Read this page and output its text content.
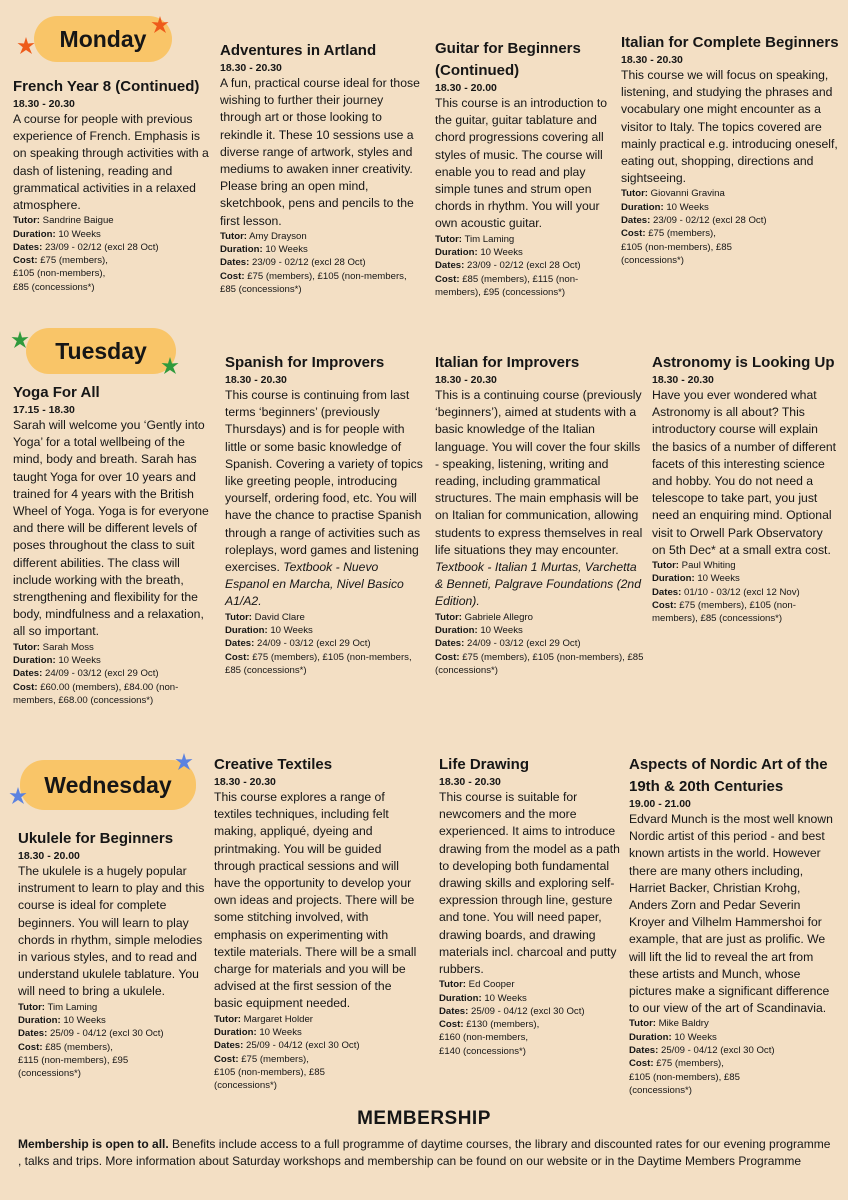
Monday
Tuesday
Wednesday
French Year 8 (Continued)

18.30 - 20.30

A course for people with previous experience of French. Emphasis is on speaking through activities with a dash of listening, reading and grammatical activities in a relaxed atmosphere.

Tutor: Sandrine Baigue

Duration: 10 Weeks

Dates: 23/09 - 02/12 (excl 28 Oct)

Cost: £75 (members), £105 (non-members), £85 (concessions*)

Adventures in Artland

18.30 - 20.30

A fun, practical course ideal for those wishing to further their journey through art or those looking to rekindle it. These 10 sessions use a diverse range of artwork, styles and mediums to awaken inner creativity. Please bring an open mind, sketchbook, pens and pencils to the first lesson.

Tutor: Amy Drayson

Duration: 10 Weeks

Dates: 23/09 - 02/12 (excl 28 Oct)

Cost: £75 (members), £105 (non-members, £85 (concessions*)

Guitar for Beginners (Continued)

18.30 - 20.00

This course is an introduction to the guitar, guitar tablature and chord progressions covering all styles of music. The course will enable you to read and play simple tunes and strum open chords in rhythm. You will your own acoustic guitar.

Tutor: Tim Laming

Duration: 10 Weeks

Dates: 23/09 - 02/12 (excl 28 Oct)

Cost: £85 (members), £115 (non-members), £95 (concessions*)

Italian for Complete Beginners

18.30 - 20.30

This course we will focus on speaking, listening, and studying the phrases and vocabulary one might encounter as a visitor to Italy. The topics covered are mainly practical e.g. introducing oneself, eating out, shopping, directions and sightseeing.

Tutor: Giovanni Gravina

Duration: 10 Weeks

Dates: 23/09 - 02/12 (excl 28 Oct)

Cost: £75 (members), £105 (non-members), £85 (concessions*)

Yoga For All

17.15 - 18.30

Sarah will welcome you ‘Gently into Yoga’ for a total wellbeing of the mind, body and breath. Sarah has taught Yoga for over 10 years and trained for 4 years with the British Wheel of Yoga. Yoga is for everyone and there will be different levels of poses throughout the class to suit different abilities. The class will include working with the breath, strengthening and flexibility for the body, mindfulness and a relaxation, all so important.

Tutor: Sarah Moss

Duration: 10 Weeks

Dates: 24/09 - 03/12 (excl 29 Oct)

Cost: £60.00 (members), £84.00 (non-members, £68.00 (concessions*)

Spanish for Improvers

18.30 - 20.30

This course is continuing from last terms ‘beginners’ (previously Thursdays) and is for people with little or some basic knowledge of Spanish. Covering a variety of topics like greeting people, introducing yourself, ordering food, etc. You will have the chance to practise Spanish through a range of activities such as roleplays, word games and listening exercises. Textbook - Nuevo Espanol en Marcha, Nivel Basico A1/A2.

Tutor: David Clare

Duration: 10 Weeks

Dates: 24/09 - 03/12 (excl 29 Oct)

Cost: £75 (members), £105 (non-members, £85 (concessions*)

Italian for Improvers

18.30 - 20.30

This is a continuing course (previously ‘beginners’), aimed at students with a basic knowledge of the Italian language. You will cover the four skills - speaking, listening, writing and reading, including grammatical structures. The main emphasis will be on Italian for communication, allowing students to express themselves in real life situations they may encounter. Textbook - Italian 1 Murtas, Varchetta & Benneti, Palgrave Foundations (2nd Edition).

Tutor: Gabriele Allegro

Duration: 10 Weeks

Dates: 24/09 - 03/12 (excl 29 Oct)

Cost: £75 (members), £105 (non-members), £85 (concessions*)

Astronomy is Looking Up

18.30 - 20.30

Have you ever wondered what Astronomy is all about? This introductory course will explain the basics of a number of different facets of this interesting science and hobby. You do not need a telescope to take part, you just need an enquiring mind. Optional visit to Orwell Park Observatory on 5th Dec* at a small extra cost.

Tutor: Paul Whiting

Duration: 10 Weeks

Dates: 01/10 - 03/12 (excl 12 Nov)

Cost: £75 (members), £105 (non-members), £85 (concessions*)

Ukulele for Beginners

18.30 - 20.00

The ukulele is a hugely popular instrument to learn to play and this course is ideal for complete beginners. You will learn to play chords in rhythm, simple melodies in various styles, and to read and understand ukulele tablature. You will need to bring a ukulele.

Tutor: Tim Laming

Duration: 10 Weeks

Dates: 25/09 - 04/12 (excl 30 Oct)

Cost: £85 (members), £115 (non-members), £95 (concessions*)

Creative Textiles

18.30 - 20.30

This course explores a range of textiles techniques, including felt making, appliqué, dyeing and printmaking. You will be guided through practical sessions and will have the opportunity to develop your own ideas and projects. There will be some stitching involved, with emphasis on experimenting with textile materials. There will be a small charge for materials and you will be advised at the first session of the basic equipment needed.

Tutor: Margaret Holder

Duration: 10 Weeks

Dates: 25/09 - 04/12 (excl 30 Oct)

Cost: £75 (members), £105 (non-members), £85 (concessions*)

Life Drawing

18.30 - 20.30

This course is suitable for newcomers and the more experienced. It aims to introduce drawing from the model as a path to developing both fundamental drawing skills and exploring self-expression through line, gesture and tone. You will need paper, drawing boards, and drawing materials incl. charcoal and putty rubbers.

Tutor: Ed Cooper

Duration: 10 Weeks

Dates: 25/09 - 04/12 (excl 30 Oct)

Cost: £130 (members), £160 (non-members, £140 (concessions*)

Aspects of Nordic Art of the 19th & 20th Centuries

19.00 - 21.00

Edvard Munch is the most well known Nordic artist of this period - and best known artists in the world. However there are many others including, Harriet Backer, Christian Krohg, Anders Zorn and Pedar Severin Kroyer and Vilhelm Hammershoi for example, that are just as prolific. We will lift the lid to reveal the art from these artists and Munch, whose pictures make a significant difference to our view of the art of Scandinavia.

Tutor: Mike Baldry

Duration: 10 Weeks

Dates: 25/09 - 04/12 (excl 30 Oct)

Cost: £75 (members), £105 (non-members), £85 (concessions*)

MEMBERSHIP

Membership is open to all. Benefits include access to a full programme of daytime courses, the library and discounted rates for our evening programme , talks and trips. More information about Saturday workshops and membership can be found on our website or in the Daytime Members Programme
